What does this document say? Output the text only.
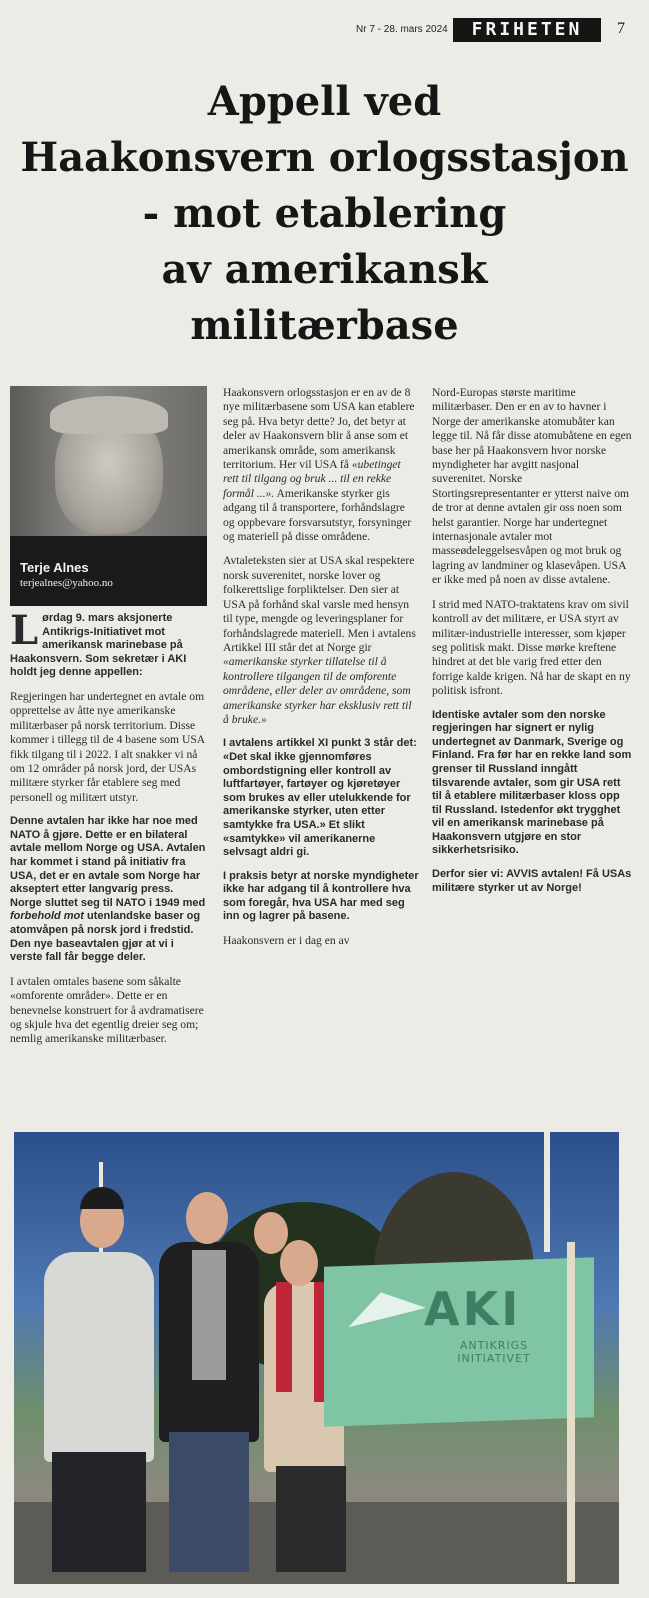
Nr 7 - 28. mars 2024	FRIHETEN	7
Appell ved
Haakonsvern orlogsstasjon
- mot etablering
av amerikansk
militærbase
Terje Alnes
terjealnes@yahoo.no

Lørdag 9. mars aksjonerte Antikrigs-Initiativet mot amerikansk marinebase på Haakonsvern. Som sekretær i AKI holdt jeg denne appellen:

Regjeringen har undertegnet en avtale om opprettelse av åtte nye amerikanske militærbaser på norsk territorium. Disse kommer i tillegg til de 4 basene som USA fikk tilgang til i 2022. I alt snakker vi nå om 12 områder på norsk jord, der USAs militære styrker får etablere seg med personell og militært utstyr.

Denne avtalen har ikke har noe med NATO å gjøre. Dette er en bilateral avtale mellom Norge og USA. Avtalen har kommet i stand på initiativ fra USA, det er en avtale som Norge har akseptert etter langvarig press. Norge sluttet seg til NATO i 1949 med forbehold mot utenlandske baser og atomvåpen på norsk jord i fredstid. Den nye baseavtalen gjør at vi i verste fall får begge deler.

I avtalen omtales basene som såkalte «omforente områder». Dette er en benevnelse konstruert for å avdramatisere og skjule hva det egentlig dreier seg om; nemlig amerikanske militærbaser.

Haakonsvern orlogsstasjon er en av de 8 nye militærbasene som USA kan etablere seg på. Hva betyr dette? Jo, det betyr at deler av Haakonsvern blir å anse som et amerikansk område, som amerikansk territorium. Her vil USA få «ubetinget rett til tilgang og bruk ... til en rekke formål ...». Amerikanske styrker gis adgang til å transportere, forhåndslagre og oppbevare forsvarsutstyr, forsyninger og materiell på disse områdene.

Avtaleteksten sier at USA skal respektere norsk suverenitet, norske lover og folkerettslige forpliktelser. Den sier at USA på forhånd skal varsle med hensyn til type, mengde og leveringsplaner for forhåndslagrede materiell. Men i avtalens Artikkel III står det at Norge gir «amerikanske styrker tillatelse til å kontrollere tilgangen til de omforente områdene, eller deler av områdene, som amerikanske styrker har eksklusiv rett til å bruke.»

I avtalens artikkel XI punkt 3 står det: «Det skal ikke gjennomføres ombordstigning eller kontroll av luftfartøyer, fartøyer og kjøretøyer som brukes av eller utelukkende for amerikanske styrker, uten etter samtykke fra USA.» Et slikt «samtykke» vil amerikanerne selvsagt aldri gi.

I praksis betyr at norske myndigheter ikke har adgang til å kontrollere hva som foregår, hva USA har med seg inn og lagrer på basene.

Haakonsvern er i dag en av

Nord-Europas største maritime militærbaser. Den er en av to havner i Norge der amerikanske atomubåter kan legge til. Nå får disse atomubåtene en egen base her på Haakonsvern hvor norske myndigheter har avgitt nasjonal suverenitet. Norske Stortingsrepresentanter er ytterst naive om de tror at denne avtalen gir oss noen som helst garantier. Norge har undertegnet internasjonale avtaler mot masseødeleggelsesvåpen og mot bruk og lagring av landminer og klasevåpen. USA er ikke med på noen av disse avtalene.

I strid med NATO-traktatens krav om sivil kontroll av det militære, er USA styrt av militær-industrielle interesser, som kjøper seg politisk makt. Disse mørke kreftene hindret at det ble varig fred etter den forrige kalde krigen. Nå har de skapt en ny politisk isfront.

Identiske avtaler som den norske regjeringen har signert er nylig undertegnet av Danmark, Sverige og Finland. Fra før har en rekke land som grenser til Russland inngått tilsvarende avtaler, som gir USA rett til å etablere militærbaser kloss opp til Russland. Istedenfor økt trygghet vil en amerikansk marinebase på Haakonsvern utgjøre en stor sikkerhetsrisiko.

Derfor sier vi: AVVIS avtalen! Få USAs militære styrker ut av Norge!

AKI
ANTIKRIGS
INITIATIVET
